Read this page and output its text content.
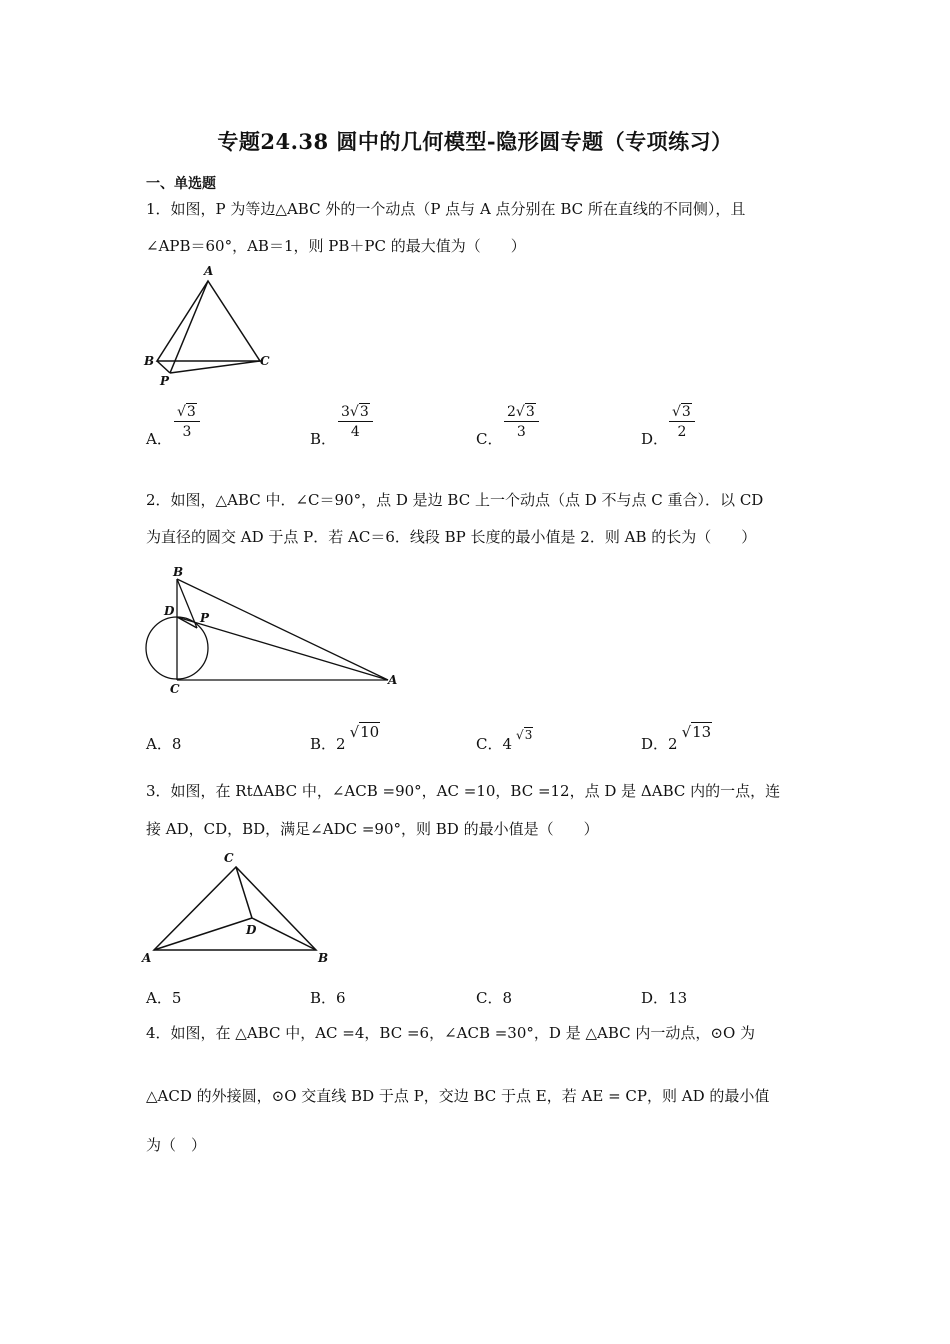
专题24.38 圆中的几何模型-隐形圆专题（专项练习）
一、单选题
1．如图，P 为等边△ABC 外的一个动点（P 点与 A 点分别在 BC 所在直线的不同侧），且
∠APB＝60°，AB＝1，则 PB＋PC 的最大值为（　　）
A
B	C
P
A． $\frac{√3}{3}$	B． $\frac{3√3}{4}$	C． $\frac{2√3}{3}$	D． $\frac{√3}{2}$
2．如图，△ABC 中．∠C＝90°，点 D 是边 BC 上一个动点（点 D 不与点 C 重合）．以 CD
为直径的圆交 AD 于点 P．若 AC＝6．线段 BP 长度的最小值是 2．则 AB 的长为（　　）
B
D P
C
A
A．8	B．2√10
C．4 $^{√3}$	D．2√13
3．如图，在 RtΔABC 中，∠ACB =90°，AC =10，BC =12，点 D 是 ΔABC 内的一点，连
接 AD，CD，BD，满足∠ADC =90°，则 BD 的最小值是（　　）
C
D
A	B
A．5	B．6	C．8	D．13
4．如图，在 △ABC 中，AC =4，BC =6，∠ACB =30°，D 是 △ABC 内一动点，⊙O 为
△ACD 的外接圆，⊙O 交直线 BD 于点 P，交边 BC 于点 E，若 AE = CP，则 AD 的最小值
为（　）
